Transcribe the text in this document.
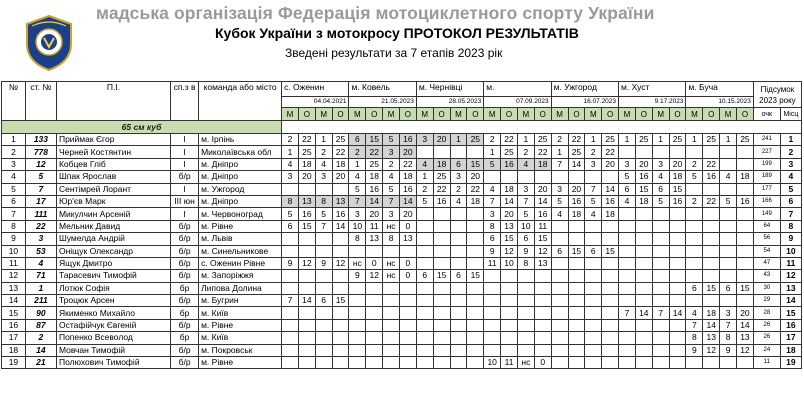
мадська організація Федерація мотоциклетного спорту України
Кубок України з мотокросу ПРОТОКОЛ РЕЗУЛЬТАТІВ
Зведені результати за 7 етапів 2023 рік
№	ст. №	П.І.	сп.з в	команда або місто	с. Оженин				м. Ковель				м. Чернівці				м.				м. Ужгород				м. Хуст				м. Буча				Підсумок 2023 року	
					04.04.2021				21.05.2023				28.05.2023				07.09.2023				16.07.2023				9.17.2023				10.15.2023					
					М	О	М	О	М	О	М	О	М	О	М	О	М	О	М	О	М	О	М	О	М	О	М	О	М	О	М	О	очк	Місц
65 см куб																																		
1	133	Приймак Єгор	I	м. Ірпінь	2	22	1	25	6	15	5	16	3	20	1	25	2	22	1	25	2	22	1	25	1	25	1	25	1	25	1	25	241	1
2	778	Черней Костянтин	I	Миколаївська обл	1	25	2	22	2	22	3	20					1	25	2	22	1	25	2	22									227	2
3	12	Кобцев Гліб	I	м. Дніпро	4	18	4	18	1	25	2	22	4	18	6	15	5	16	4	18	7	14	3	20	3	20	3	20	2	22			199	3
4	5	Шпак Ярослав	б/р	м. Дніпро	3	20	3	20	4	18	4	18	1	25	3	20									5	16	4	18	5	16	4	18	189	4
5	7	Сентімрей Лорант	I	м. Ужгород					5	16	5	16	2	22	2	22	4	18	3	20	3	20	7	14	6	15	6	15					177	5
6	17	Юр'єв Марк	III юн	м. Дніпро	8	13	8	13	7	14	7	14	5	16	4	18	7	14	7	14	5	16	5	16	4	18	5	16	2	22	5	16	166	6
7	111	Микулчин Арсеній	I	м. Червоноград	5	16	5	16	3	20	3	20					3	20	5	16	4	18	4	18									149	7
8	22	Мельник Давид	б/р	м. Рівне	6	15	7	14	10	11	нс	0					8	13	10	11													64	8
9	3	Шумелда Андрій	б/р	м. Львів					8	13	8	13					6	15	6	15													56	9
10	53	Оніщук Олександр	б/р	м. Синельникове													9	12	9	12	6	15	6	15									54	10
11	4	Ящук Дмитро	б/р	с. Оженин Рівне	9	12	9	12	нс	0	нс	0					11	10	8	13													47	11
12	71	Тарасевич Тимофій	б/р	м. Запоріжжя					9	12	нс	0	6	15	6	15																	43	12
13	1	Лотюк Софія	бр	Липова Долина																									6	15	6	15	30	13
14	211	Троцюк Арсен	б/р	м. Бугрин	7	14	6	15																									29	14
15	90	Якименко Михайло	бр	м. Київ																					7	14	7	14	4	18	3	20	28	15
16	87	Остафійчук Євгеній	б/р	м. Рівне																									7	14	7	14	26	16
17	2	Попенко Всеволод	бр	м. Київ																									8	13	8	13	26	17
18	14	Мовчан Тимофій	б/р	м. Покровськ																									9	12	9	12	24	18
19	21	Полюхович Тимофій	б/р	м. Рівне													10	11	нс	0													11	19
